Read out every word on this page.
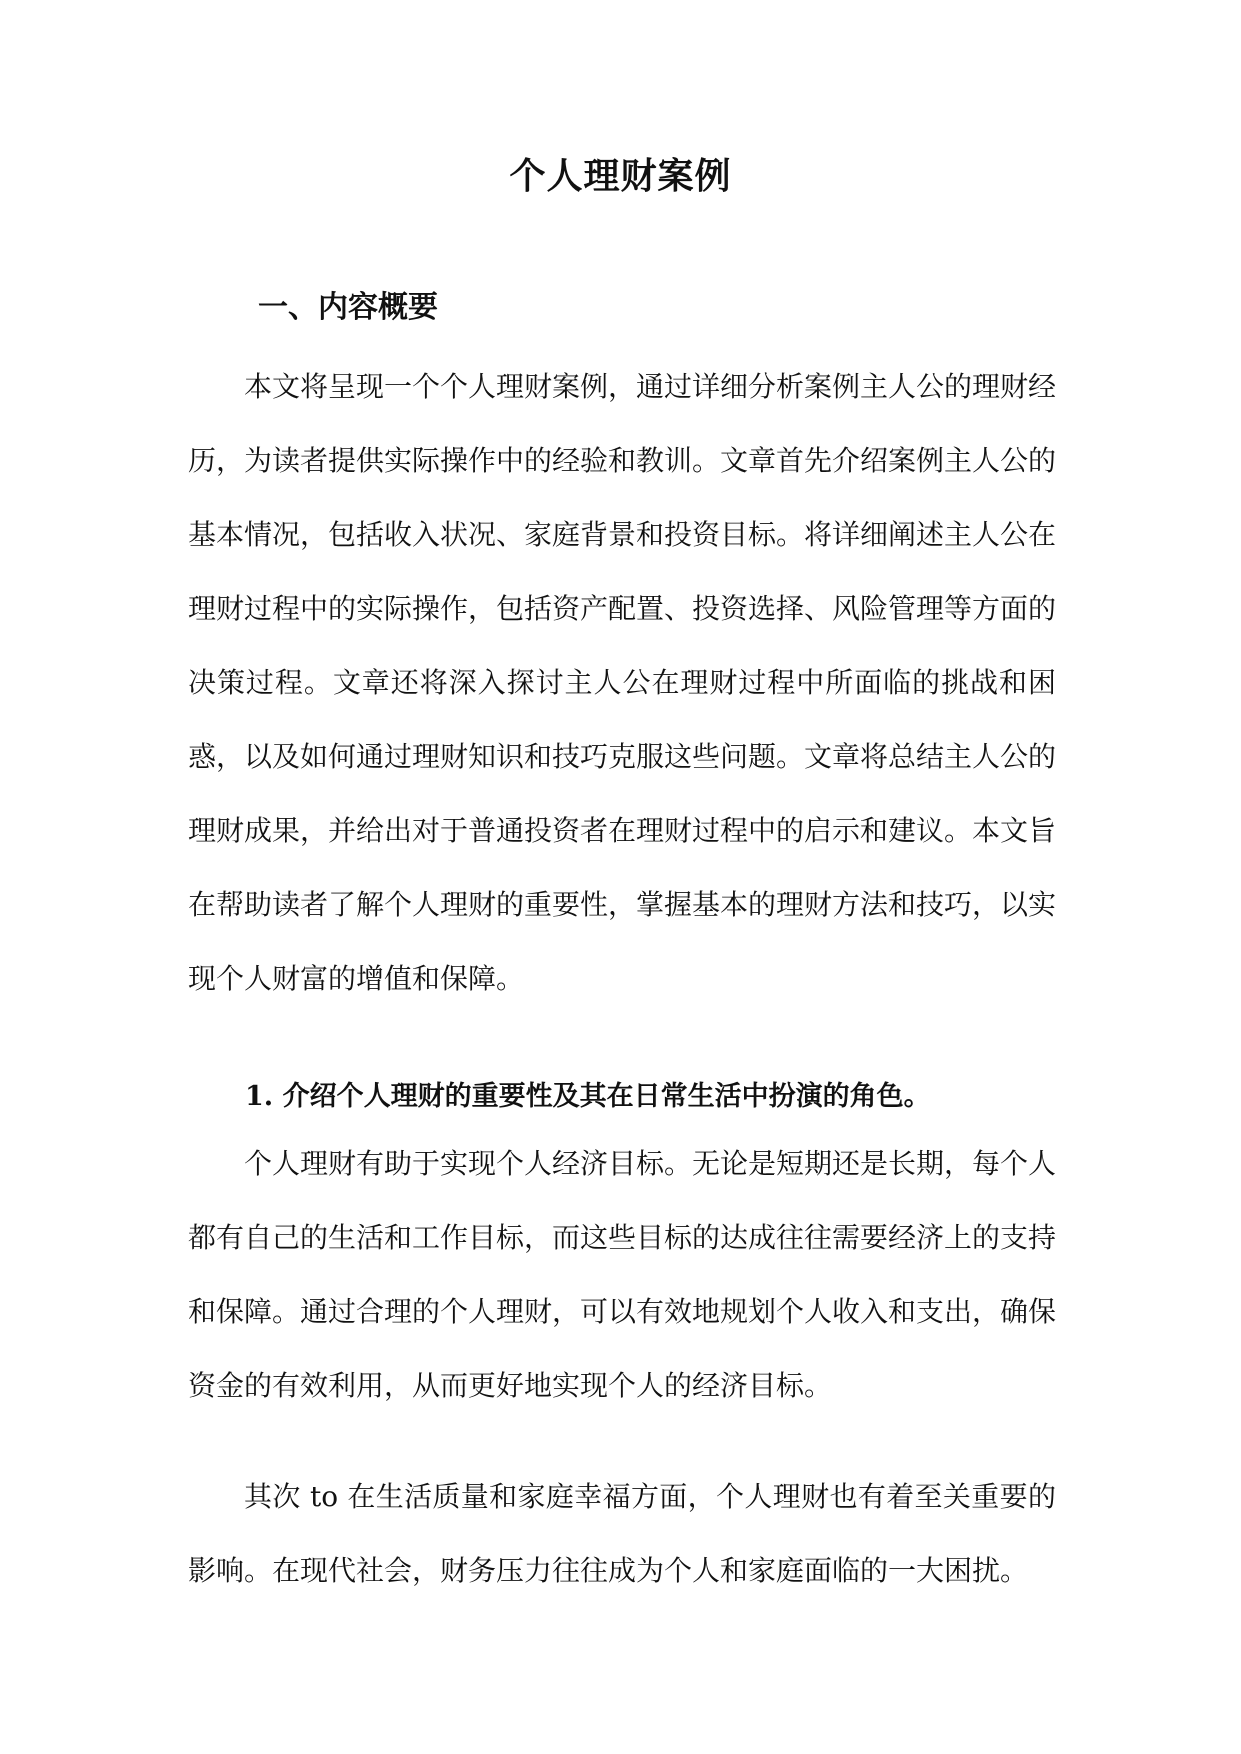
个人理财案例
一、内容概要

本文将呈现一个个人理财案例，通过详细分析案例主人公的理财经历，为读者提供实际操作中的经验和教训。文章首先介绍案例主人公的基本情况，包括收入状况、家庭背景和投资目标。将详细阐述主人公在理财过程中的实际操作，包括资产配置、投资选择、风险管理等方面的决策过程。文章还将深入探讨主人公在理财过程中所面临的挑战和困惑，以及如何通过理财知识和技巧克服这些问题。文章将总结主人公的理财成果，并给出对于普通投资者在理财过程中的启示和建议。本文旨在帮助读者了解个人理财的重要性，掌握基本的理财方法和技巧，以实现个人财富的增值和保障。

1. 介绍个人理财的重要性及其在日常生活中扮演的角色。

个人理财有助于实现个人经济目标。无论是短期还是长期，每个人都有自己的生活和工作目标，而这些目标的达成往往需要经济上的支持和保障。通过合理的个人理财，可以有效地规划个人收入和支出，确保资金的有效利用，从而更好地实现个人的经济目标。

其次 to 在生活质量和家庭幸福方面，个人理财也有着至关重要的影响。在现代社会，财务压力往往成为个人和家庭面临的一大困扰。
